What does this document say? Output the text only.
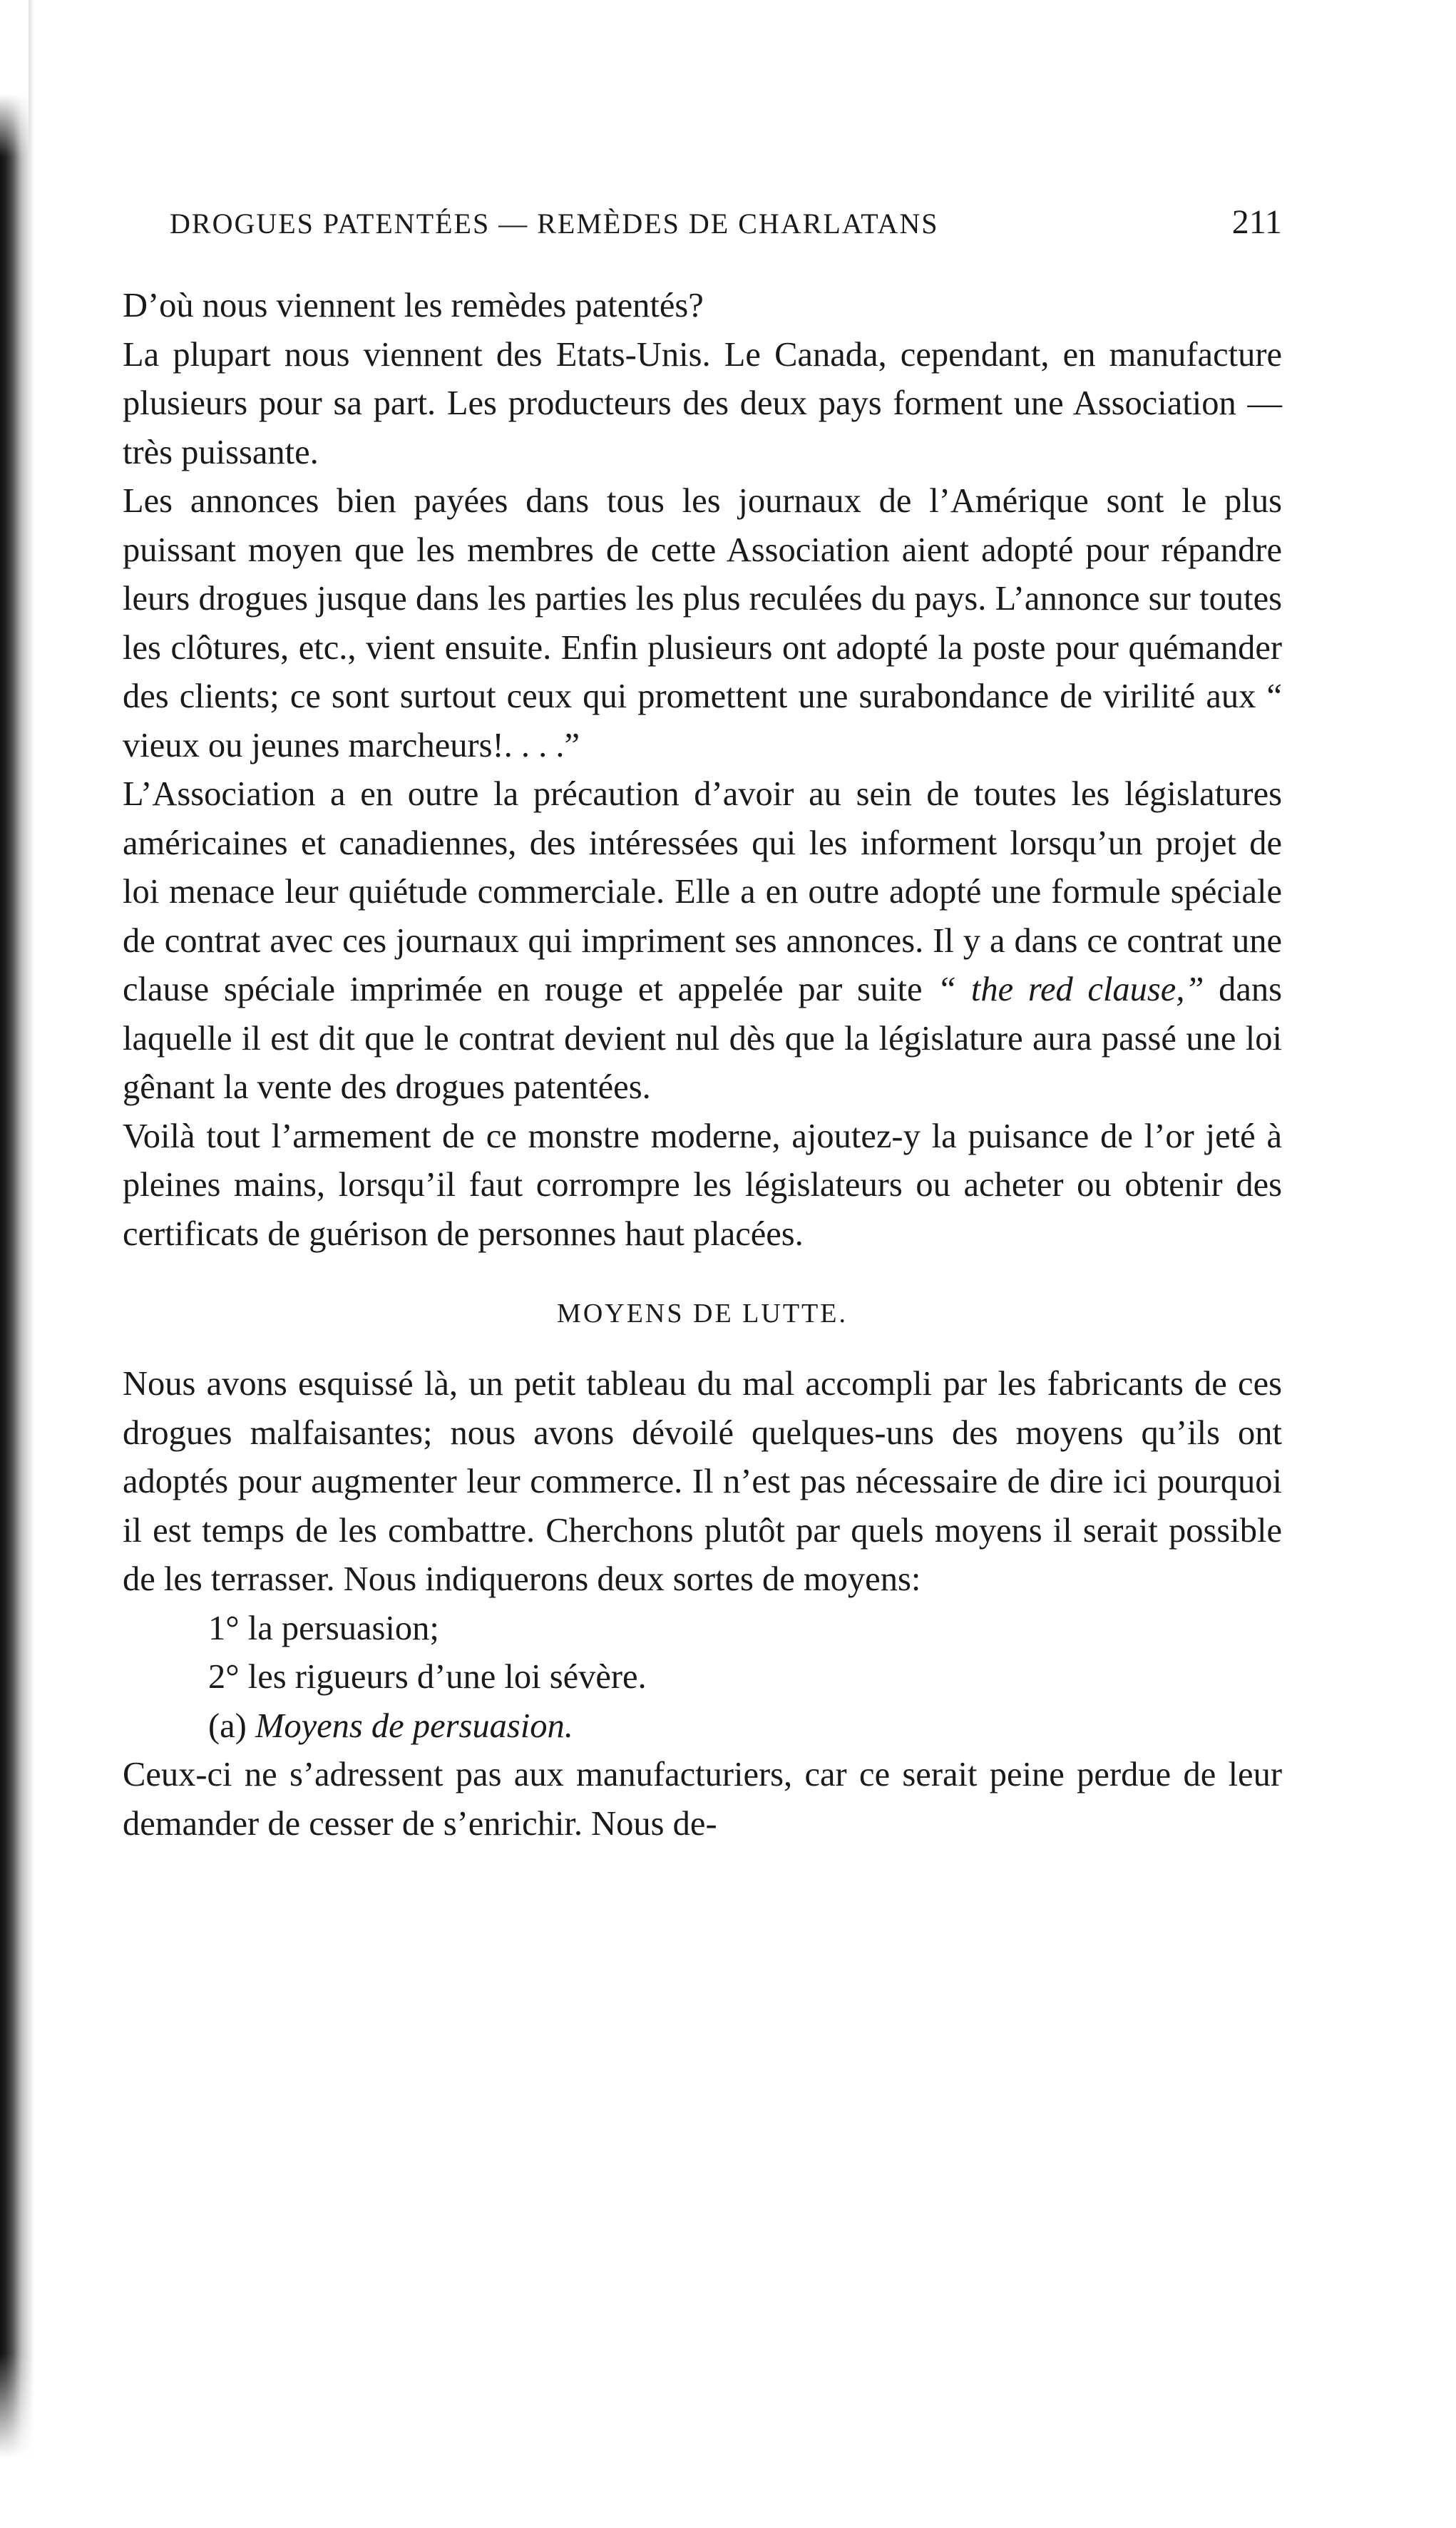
DROGUES PATENTÉES — REMÈDES DE CHARLATANS	211

D’où nous viennent les remèdes patentés?

La plupart nous viennent des Etats-Unis. Le Canada, cependant, en manufacture plusieurs pour sa part. Les producteurs des deux pays forment une Association — très puissante.

Les annonces bien payées dans tous les journaux de l’Amérique sont le plus puissant moyen que les membres de cette Association aient adopté pour répandre leurs drogues jusque dans les parties les plus reculées du pays. L’annonce sur toutes les clôtures, etc., vient ensuite. Enfin plusieurs ont adopté la poste pour quémander des clients; ce sont surtout ceux qui promettent une surabondance de virilité aux “ vieux ou jeunes marcheurs!. . . .”

L’Association a en outre la précaution d’avoir au sein de toutes les législatures américaines et canadiennes, des intéressées qui les informent lorsqu’un projet de loi menace leur quiétude commerciale. Elle a en outre adopté une formule spéciale de contrat avec ces journaux qui impriment ses annonces. Il y a dans ce contrat une clause spéciale imprimée en rouge et appelée par suite “ the red clause,” dans laquelle il est dit que le contrat devient nul dès que la législature aura passé une loi gênant la vente des drogues patentées.

Voilà tout l’armement de ce monstre moderne, ajoutez-y la puisance de l’or jeté à pleines mains, lorsqu’il faut corrompre les législateurs ou acheter ou obtenir des certificats de guérison de personnes haut placées.

MOYENS DE LUTTE.

Nous avons esquissé là, un petit tableau du mal accompli par les fabricants de ces drogues malfaisantes; nous avons dévoilé quelques-uns des moyens qu’ils ont adoptés pour augmenter leur commerce. Il n’est pas nécessaire de dire ici pourquoi il est temps de les combattre. Cherchons plutôt par quels moyens il serait possible de les terrasser. Nous indiquerons deux sortes de moyens:

1° la persuasion;

2° les rigueurs d’une loi sévère.

(a) Moyens de persuasion.

Ceux-ci ne s’adressent pas aux manufacturiers, car ce serait peine perdue de leur demander de cesser de s’enrichir. Nous de-
